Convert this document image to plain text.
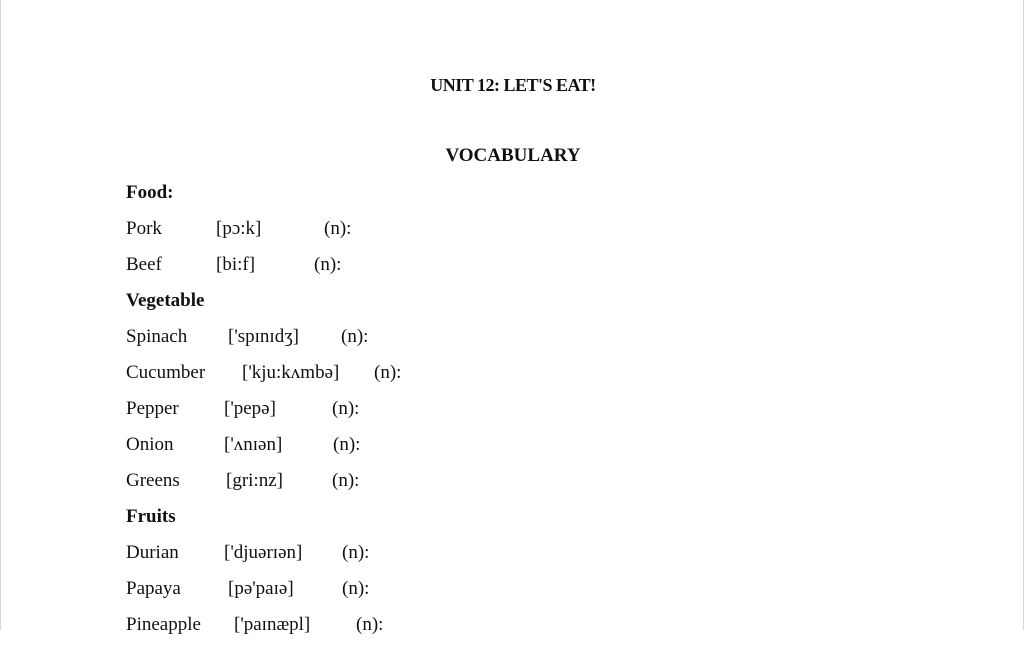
UNIT 12: LET'S EAT!
VOCABULARY
Food:
Pork	[pɔ:k]	(n):
Beef	[bi:f]	(n):
Vegetable
Spinach ['spɪnɪdʒ] (n):
Cucumber ['kju:kʌmbə] (n):
Pepper ['pepə]	(n):
Onion	['ʌnɪən]	(n):
Greens [gri:nz]	(n):
Fruits
Durian ['djuərɪən] (n):
Papaya [pə'paɪə]	(n):
Pineapple ['paɪnæpl] (n):
